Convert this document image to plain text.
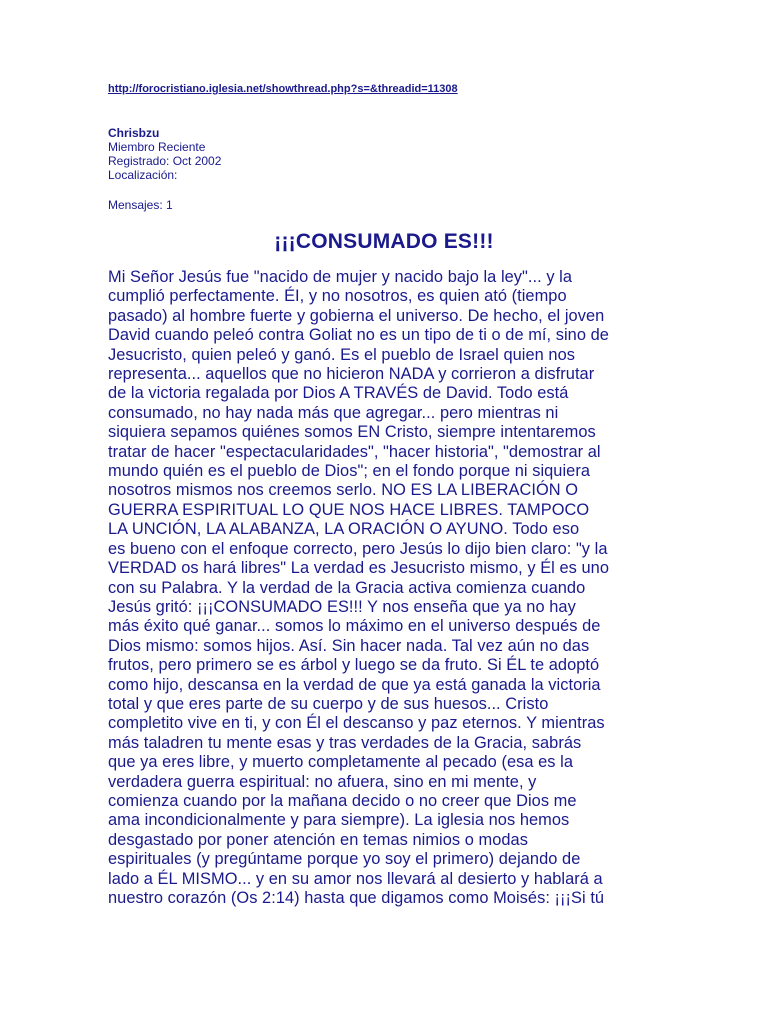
http://forocristiano.iglesia.net/showthread.php?s=&threadid=11308
Chrisbzu
Miembro Reciente
Registrado: Oct 2002
Localización:
Mensajes: 1
¡¡¡CONSUMADO ES!!!
Mi Señor Jesús fue "nacido de mujer y nacido bajo la ley"... y la
cumplió perfectamente. ÉI, y no nosotros, es quien ató (tiempo
pasado) al hombre fuerte y gobierna el universo. De hecho, el joven
David cuando peleó contra Goliat no es un tipo de ti o de mí, sino de
Jesucristo, quien peleó y ganó. Es el pueblo de Israel quien nos
representa... aquellos que no hicieron NADA y corrieron a disfrutar
de la victoria regalada por Dios A TRAVÉS de David. Todo está
consumado, no hay nada más que agregar... pero mientras ni
siquiera sepamos quiénes somos EN Cristo, siempre intentaremos
tratar de hacer "espectacularidades", "hacer historia", "demostrar al
mundo quién es el pueblo de Dios"; en el fondo porque ni siquiera
nosotros mismos nos creemos serlo. NO ES LA LIBERACIÓN O
GUERRA ESPIRITUAL LO QUE NOS HACE LIBRES. TAMPOCO
LA UNCIÓN, LA ALABANZA, LA ORACIÓN O AYUNO. Todo eso
es bueno con el enfoque correcto, pero Jesús lo dijo bien claro: "y la
VERDAD os hará libres" La verdad es Jesucristo mismo, y Él es uno
con su Palabra. Y la verdad de la Gracia activa comienza cuando
Jesús gritó: ¡¡¡CONSUMADO ES!!! Y nos enseña que ya no hay
más éxito qué ganar... somos lo máximo en el universo después de
Dios mismo: somos hijos. Así. Sin hacer nada. Tal vez aún no das
frutos, pero primero se es árbol y luego se da fruto. Si ÉL te adoptó
como hijo, descansa en la verdad de que ya está ganada la victoria
total y que eres parte de su cuerpo y de sus huesos... Cristo
completito vive en ti, y con Él el descanso y paz eternos. Y mientras
más taladren tu mente esas y tras verdades de la Gracia, sabrás
que ya eres libre, y muerto completamente al pecado (esa es la
verdadera guerra espiritual: no afuera, sino en mi mente, y
comienza cuando por la mañana decido o no creer que Dios me
ama incondicionalmente y para siempre). La iglesia nos hemos
desgastado por poner atención en temas nimios o modas
espirituales (y pregúntame porque yo soy el primero) dejando de
lado a ÉL MISMO... y en su amor nos llevará al desierto y hablará a
nuestro corazón (Os 2:14) hasta que digamos como Moisés: ¡¡¡Si tú
